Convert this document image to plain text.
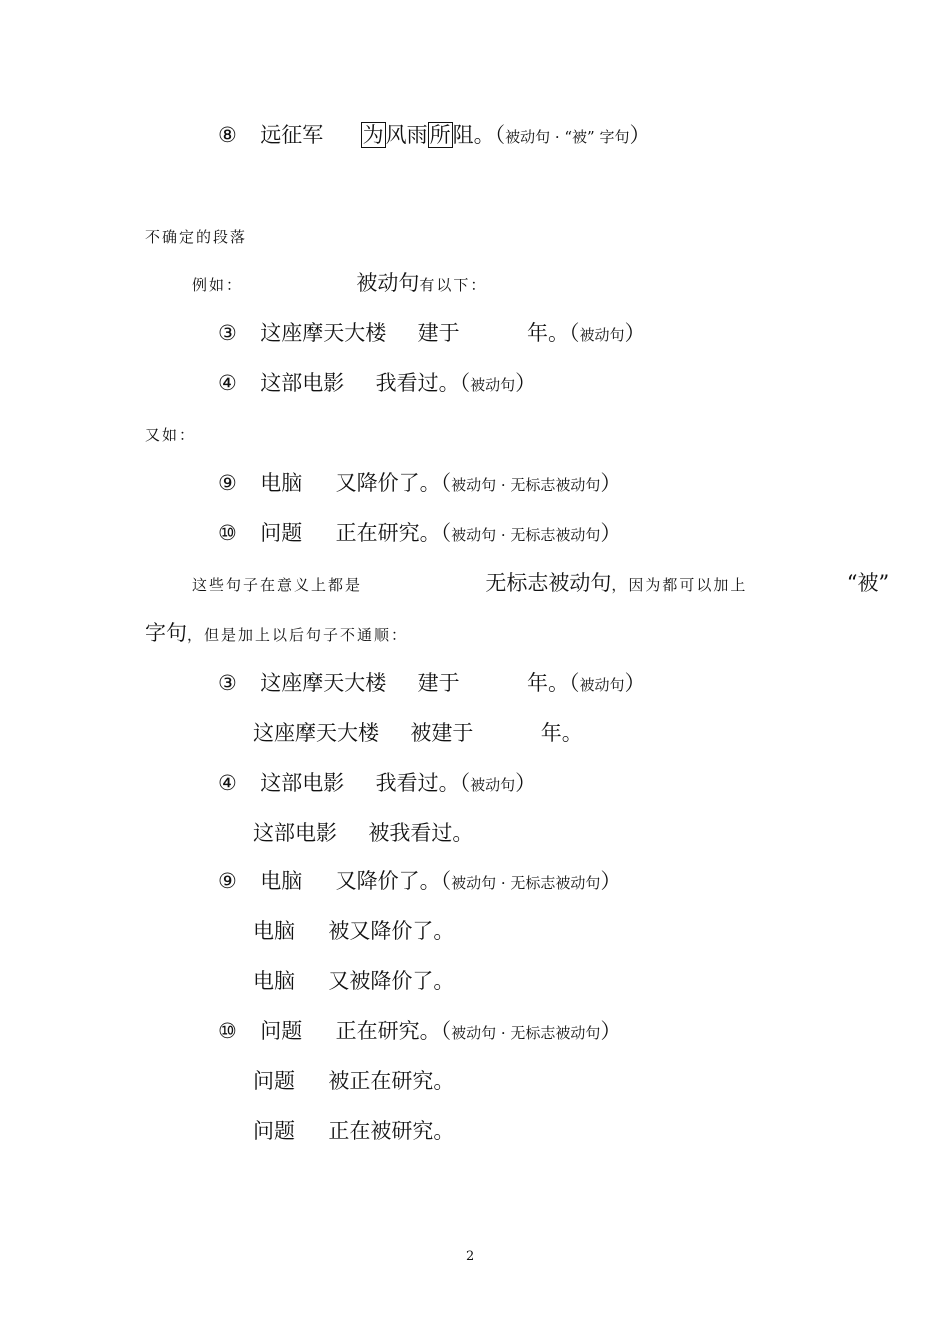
⑧ 远征军 为风雨所阻。（被动句 · “被” 字句）
不确定的段落
例如：	被动句有以下：
③ 这座摩天大楼 建于	年。（被动句）
④ 这部电影 我看过。（被动句）
又如：
⑨ 电脑 又降价了。（被动句 · 无标志被动句）
⑩ 问题 正在研究。（被动句 · 无标志被动句）
这些句子在意义上都是	无标志被动句，因为都可以加上	“被”
字句，但是加上以后句子不通顺：
③ 这座摩天大楼 建于	年。（被动句）
这座摩天大楼 被建于	年。
④ 这部电影 我看过。（被动句）
这部电影 被我看过。
⑨ 电脑 又降价了。（被动句 · 无标志被动句）
电脑 被又降价了。
电脑 又被降价了。
⑩ 问题 正在研究。（被动句 · 无标志被动句）
问题 被正在研究。
问题 正在被研究。
2
